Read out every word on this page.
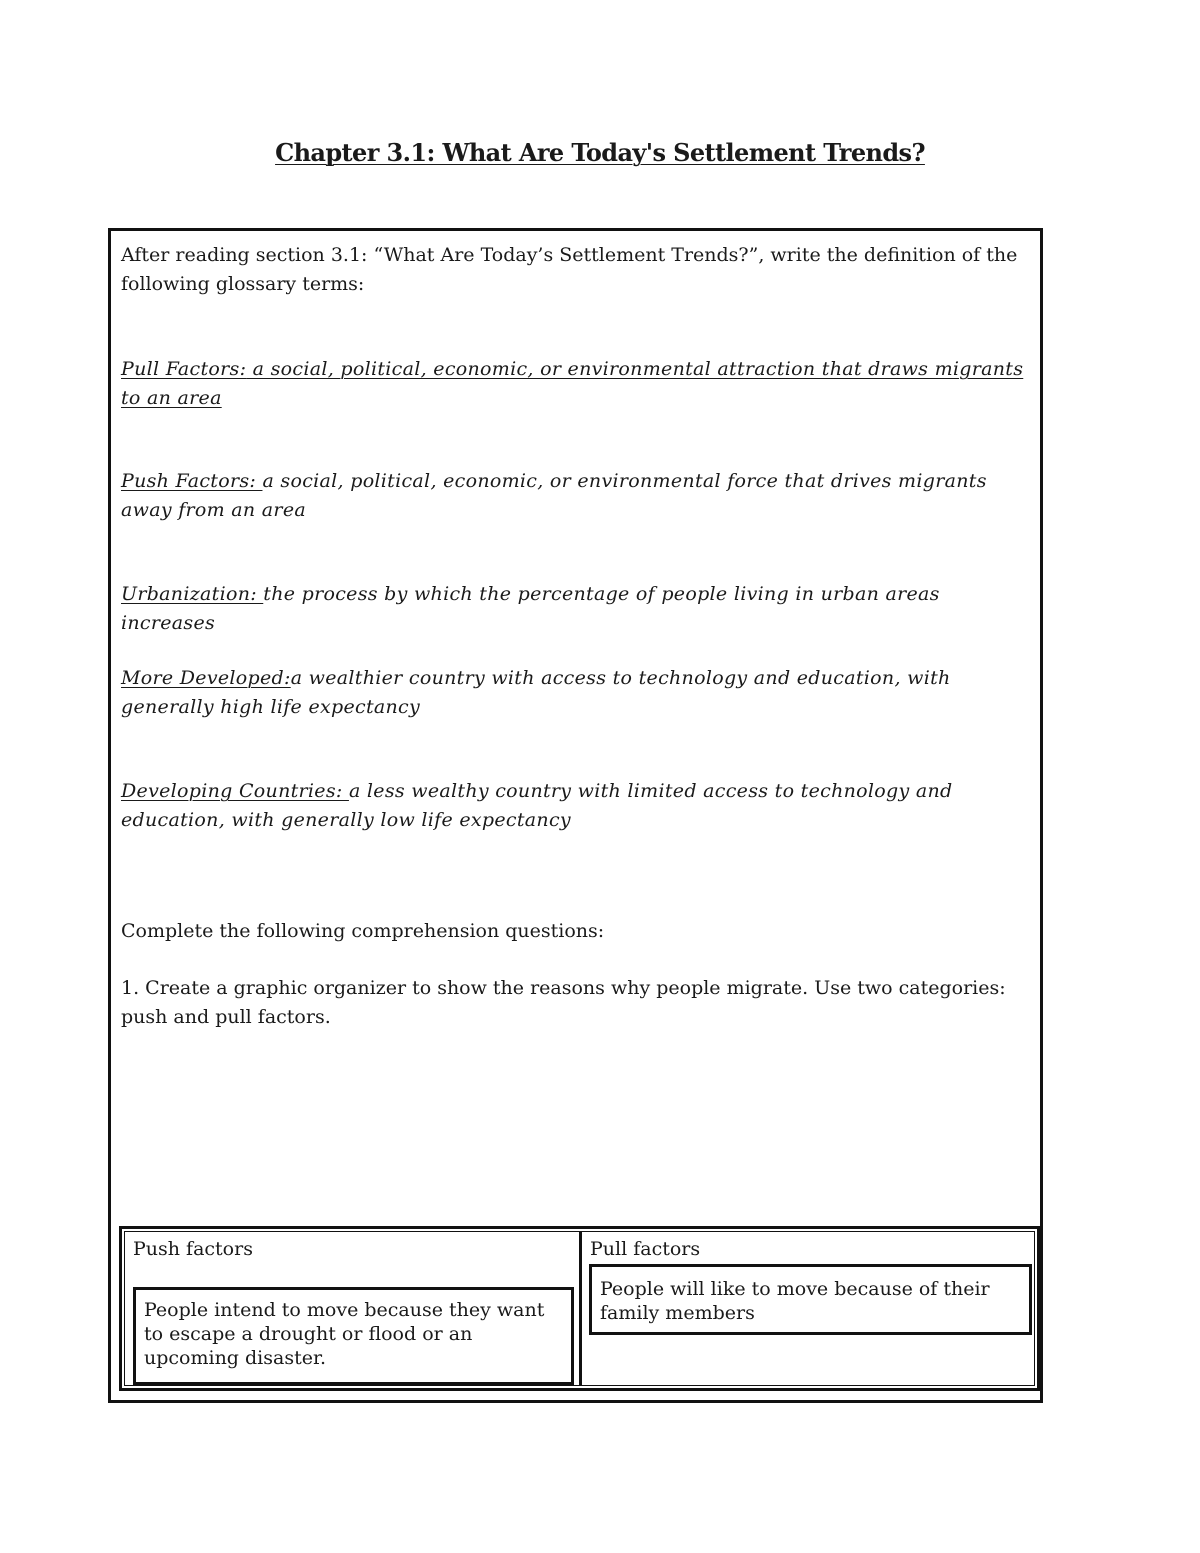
Chapter 3.1: What Are Today's Settlement Trends?

After reading section 3.1: “What Are Today’s Settlement Trends?”, write the definition of the following glossary terms:

Pull Factors: a social, political, economic, or environmental attraction that draws migrants to an area

Push Factors: a social, political, economic, or environmental force that drives migrants away from an area

Urbanization: the process by which the percentage of people living in urban areas increases

More Developed:a wealthier country with access to technology and education, with generally high life expectancy

Developing Countries: a less wealthy country with limited access to technology and education, with generally low life expectancy

Complete the following comprehension questions:

1. Create a graphic organizer to show the reasons why people migrate. Use two categories: push and pull factors.

Push factors

People intend to move because they want to escape a drought or flood or an upcoming disaster.

Pull factors

People will like to move because of their family members
